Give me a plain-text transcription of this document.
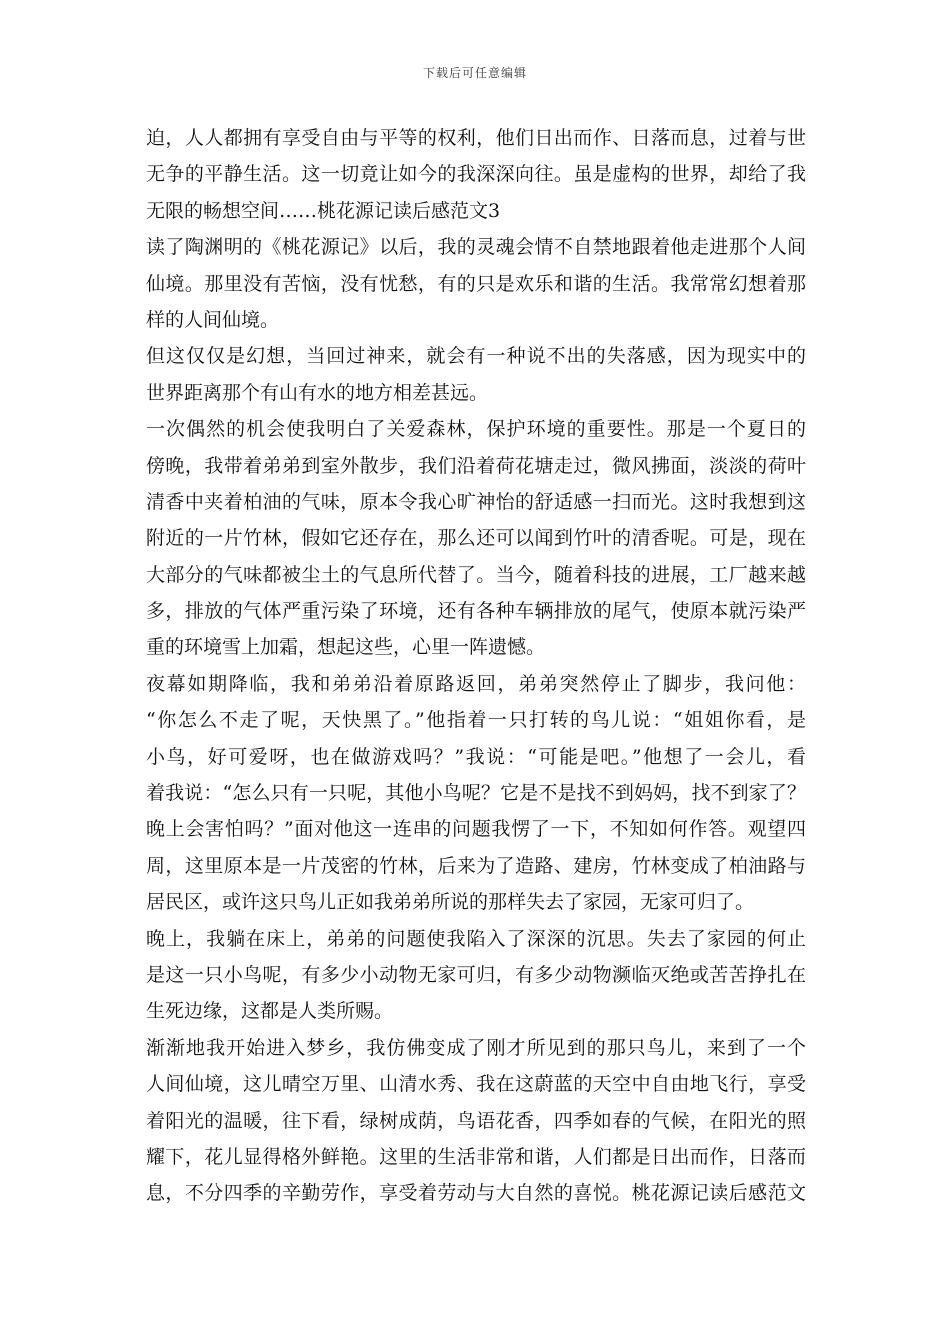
下载后可任意编辑
迫，人人都拥有享受自由与平等的权利，他们日出而作、日落而息，过着与世
无争的平静生活。这一切竟让如今的我深深向往。虽是虚构的世界，却给了我
无限的畅想空间……桃花源记读后感范文3
读了陶渊明的《桃花源记》以后，我的灵魂会情不自禁地跟着他走进那个人间
仙境。那里没有苦恼，没有忧愁，有的只是欢乐和谐的生活。我常常幻想着那
样的人间仙境。
但这仅仅是幻想，当回过神来，就会有一种说不出的失落感，因为现实中的
世界距离那个有山有水的地方相差甚远。
一次偶然的机会使我明白了关爱森林，保护环境的重要性。那是一个夏日的
傍晚，我带着弟弟到室外散步，我们沿着荷花塘走过，微风拂面，淡淡的荷叶
清香中夹着柏油的气味，原本令我心旷神怡的舒适感一扫而光。这时我想到这
附近的一片竹林，假如它还存在，那么还可以闻到竹叶的清香呢。可是，现在
大部分的气味都被尘土的气息所代替了。当今，随着科技的进展，工厂越来越
多，排放的气体严重污染了环境，还有各种车辆排放的尾气，使原本就污染严
重的环境雪上加霜，想起这些，心里一阵遗憾。
夜幕如期降临，我和弟弟沿着原路返回，弟弟突然停止了脚步，我问他：
“你怎么不走了呢，天快黑了。”他指着一只打转的鸟儿说：“姐姐你看，是
小鸟，好可爱呀，也在做游戏吗？”我说：“可能是吧。”他想了一会儿，看
着我说：“怎么只有一只呢，其他小鸟呢？它是不是找不到妈妈，找不到家了？
晚上会害怕吗？”面对他这一连串的问题我愣了一下，不知如何作答。观望四
周，这里原本是一片茂密的竹林，后来为了造路、建房，竹林变成了柏油路与
居民区，或许这只鸟儿正如我弟弟所说的那样失去了家园，无家可归了。
晚上，我躺在床上，弟弟的问题使我陷入了深深的沉思。失去了家园的何止
是这一只小鸟呢，有多少小动物无家可归，有多少动物濒临灭绝或苦苦挣扎在
生死边缘，这都是人类所赐。
渐渐地我开始进入梦乡，我仿佛变成了刚才所见到的那只鸟儿，来到了一个
人间仙境，这儿晴空万里、山清水秀、我在这蔚蓝的天空中自由地飞行，享受
着阳光的温暖，往下看，绿树成荫，鸟语花香，四季如春的气候，在阳光的照
耀下，花儿显得格外鲜艳。这里的生活非常和谐，人们都是日出而作，日落而
息，不分四季的辛勤劳作，享受着劳动与大自然的喜悦。桃花源记读后感范文
